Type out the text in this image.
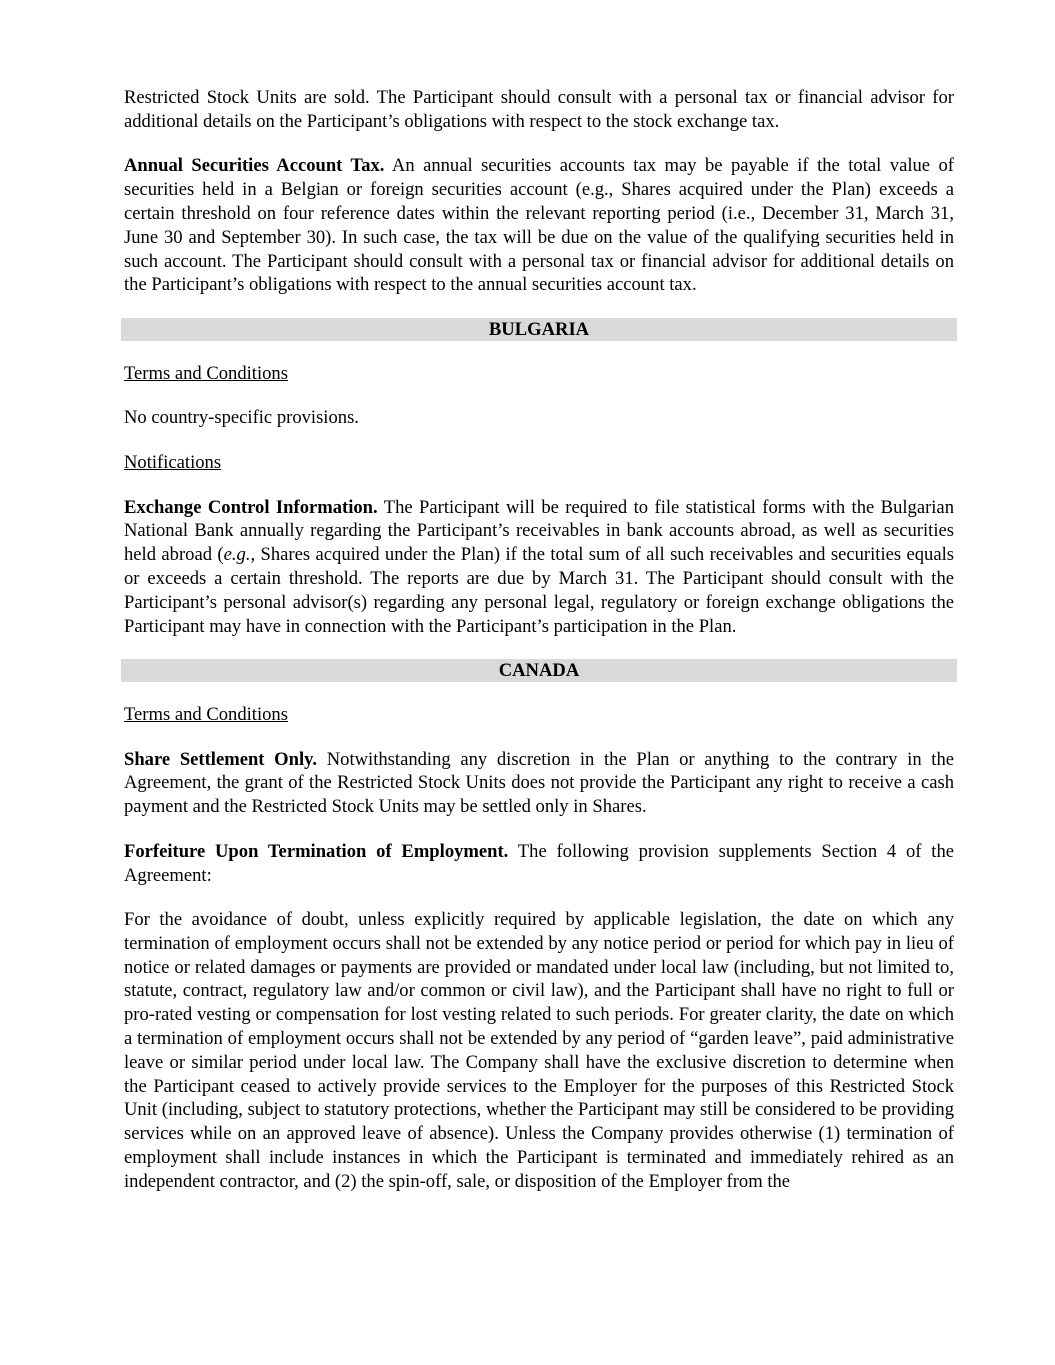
Restricted Stock Units are sold. The Participant should consult with a personal tax or financial advisor for additional details on the Participant’s obligations with respect to the stock exchange tax.

Annual Securities Account Tax. An annual securities accounts tax may be payable if the total value of securities held in a Belgian or foreign securities account (e.g., Shares acquired under the Plan) exceeds a certain threshold on four reference dates within the relevant reporting period (i.e., December 31, March 31, June 30 and September 30). In such case, the tax will be due on the value of the qualifying securities held in such account. The Participant should consult with a personal tax or financial advisor for additional details on the Participant’s obligations with respect to the annual securities account tax.

BULGARIA

Terms and Conditions

No country-specific provisions.

Notifications

Exchange Control Information. The Participant will be required to file statistical forms with the Bulgarian National Bank annually regarding the Participant’s receivables in bank accounts abroad, as well as securities held abroad (e.g., Shares acquired under the Plan) if the total sum of all such receivables and securities equals or exceeds a certain threshold. The reports are due by March 31. The Participant should consult with the Participant’s personal advisor(s) regarding any personal legal, regulatory or foreign exchange obligations the Participant may have in connection with the Participant’s participation in the Plan.

CANADA

Terms and Conditions

Share Settlement Only. Notwithstanding any discretion in the Plan or anything to the contrary in the Agreement, the grant of the Restricted Stock Units does not provide the Participant any right to receive a cash payment and the Restricted Stock Units may be settled only in Shares.

Forfeiture Upon Termination of Employment. The following provision supplements Section 4 of the Agreement:

For the avoidance of doubt, unless explicitly required by applicable legislation, the date on which any termination of employment occurs shall not be extended by any notice period or period for which pay in lieu of notice or related damages or payments are provided or mandated under local law (including, but not limited to, statute, contract, regulatory law and/or common or civil law), and the Participant shall have no right to full or pro-rated vesting or compensation for lost vesting related to such periods. For greater clarity, the date on which a termination of employment occurs shall not be extended by any period of “garden leave”, paid administrative leave or similar period under local law. The Company shall have the exclusive discretion to determine when the Participant ceased to actively provide services to the Employer for the purposes of this Restricted Stock Unit (including, subject to statutory protections, whether the Participant may still be considered to be providing services while on an approved leave of absence). Unless the Company provides otherwise (1) termination of employment shall include instances in which the Participant is terminated and immediately rehired as an independent contractor, and (2) the spin-off, sale, or disposition of the Employer from the
